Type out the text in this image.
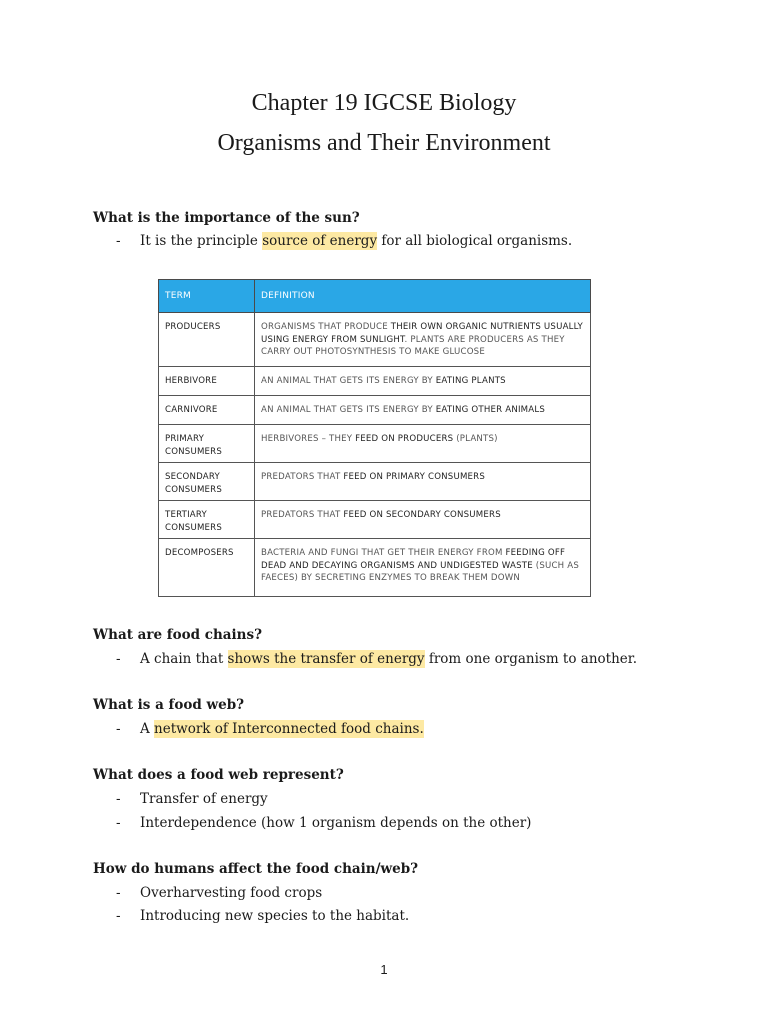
Chapter 19 IGCSE Biology
Organisms and Their Environment

What is the importance of the sun?

- It is the principle source of energy for all biological organisms.
TERM	DEFINITION
PRODUCERS	ORGANISMS THAT PRODUCE THEIR OWN ORGANIC NUTRIENTS USUALLY USING ENERGY FROM SUNLIGHT. PLANTS ARE PRODUCERS AS THEY CARRY OUT PHOTOSYNTHESIS TO MAKE GLUCOSE
HERBIVORE	AN ANIMAL THAT GETS ITS ENERGY BY EATING PLANTS
CARNIVORE	AN ANIMAL THAT GETS ITS ENERGY BY EATING OTHER ANIMALS
PRIMARY CONSUMERS	HERBIVORES – THEY FEED ON PRODUCERS (PLANTS)
SECONDARY CONSUMERS	PREDATORS THAT FEED ON PRIMARY CONSUMERS
TERTIARY CONSUMERS	PREDATORS THAT FEED ON SECONDARY CONSUMERS
DECOMPOSERS	BACTERIA AND FUNGI THAT GET THEIR ENERGY FROM FEEDING OFF DEAD AND DECAYING ORGANISMS AND UNDIGESTED WASTE (SUCH AS FAECES) BY SECRETING ENZYMES TO BREAK THEM DOWN

What are food chains?

- A chain that shows the transfer of energy from one organism to another.

What is a food web?

- A network of Interconnected food chains.

What does a food web represent?

- Transfer of energy
- Interdependence (how 1 organism depends on the other)

How do humans affect the food chain/web?

- Overharvesting food crops
- Introducing new species to the habitat.
1
